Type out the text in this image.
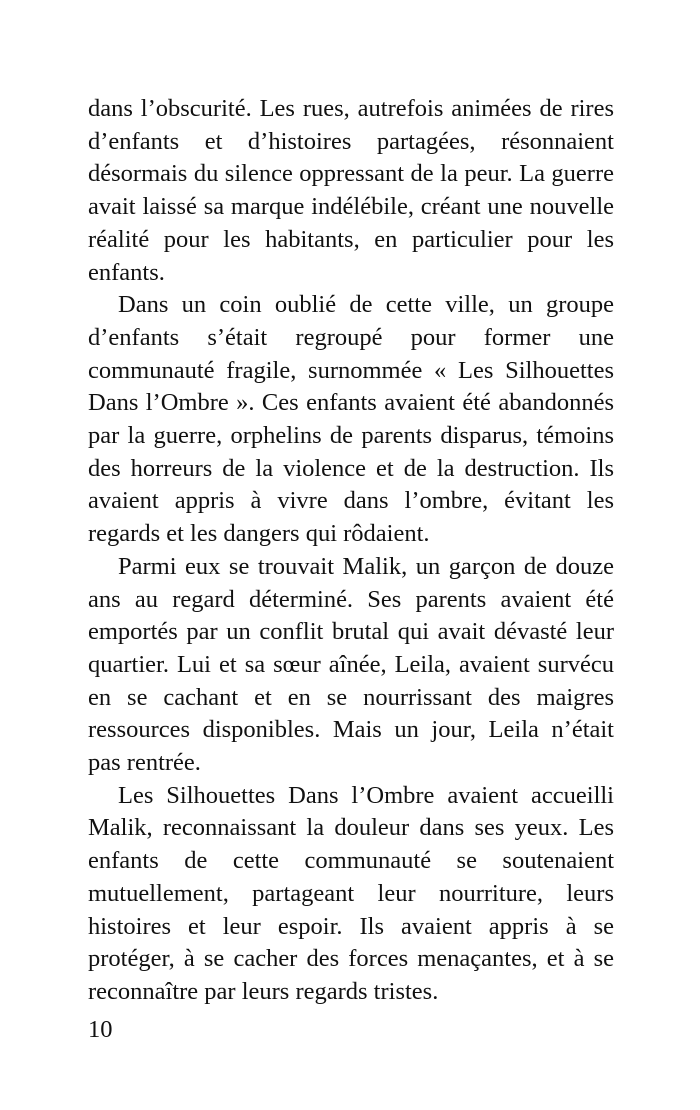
dans l’obscurité. Les rues, autrefois animées de rires d’enfants et d’histoires partagées, résonnaient désormais du silence oppressant de la peur. La guerre avait laissé sa marque indélébile, créant une nouvelle réalité pour les habitants, en particulier pour les enfants.

Dans un coin oublié de cette ville, un groupe d’enfants s’était regroupé pour former une communauté fragile, surnommée « Les Silhouettes Dans l’Ombre ». Ces enfants avaient été abandonnés par la guerre, orphelins de parents disparus, témoins des horreurs de la violence et de la destruction. Ils avaient appris à vivre dans l’ombre, évitant les regards et les dangers qui rôdaient.

Parmi eux se trouvait Malik, un garçon de douze ans au regard déterminé. Ses parents avaient été emportés par un conflit brutal qui avait dévasté leur quartier. Lui et sa sœur aînée, Leila, avaient survécu en se cachant et en se nourrissant des maigres ressources disponibles. Mais un jour, Leila n’était pas rentrée.

Les Silhouettes Dans l’Ombre avaient accueilli Malik, reconnaissant la douleur dans ses yeux. Les enfants de cette communauté se soutenaient mutuellement, partageant leur nourriture, leurs histoires et leur espoir. Ils avaient appris à se protéger, à se cacher des forces menaçantes, et à se reconnaître par leurs regards tristes.

10
